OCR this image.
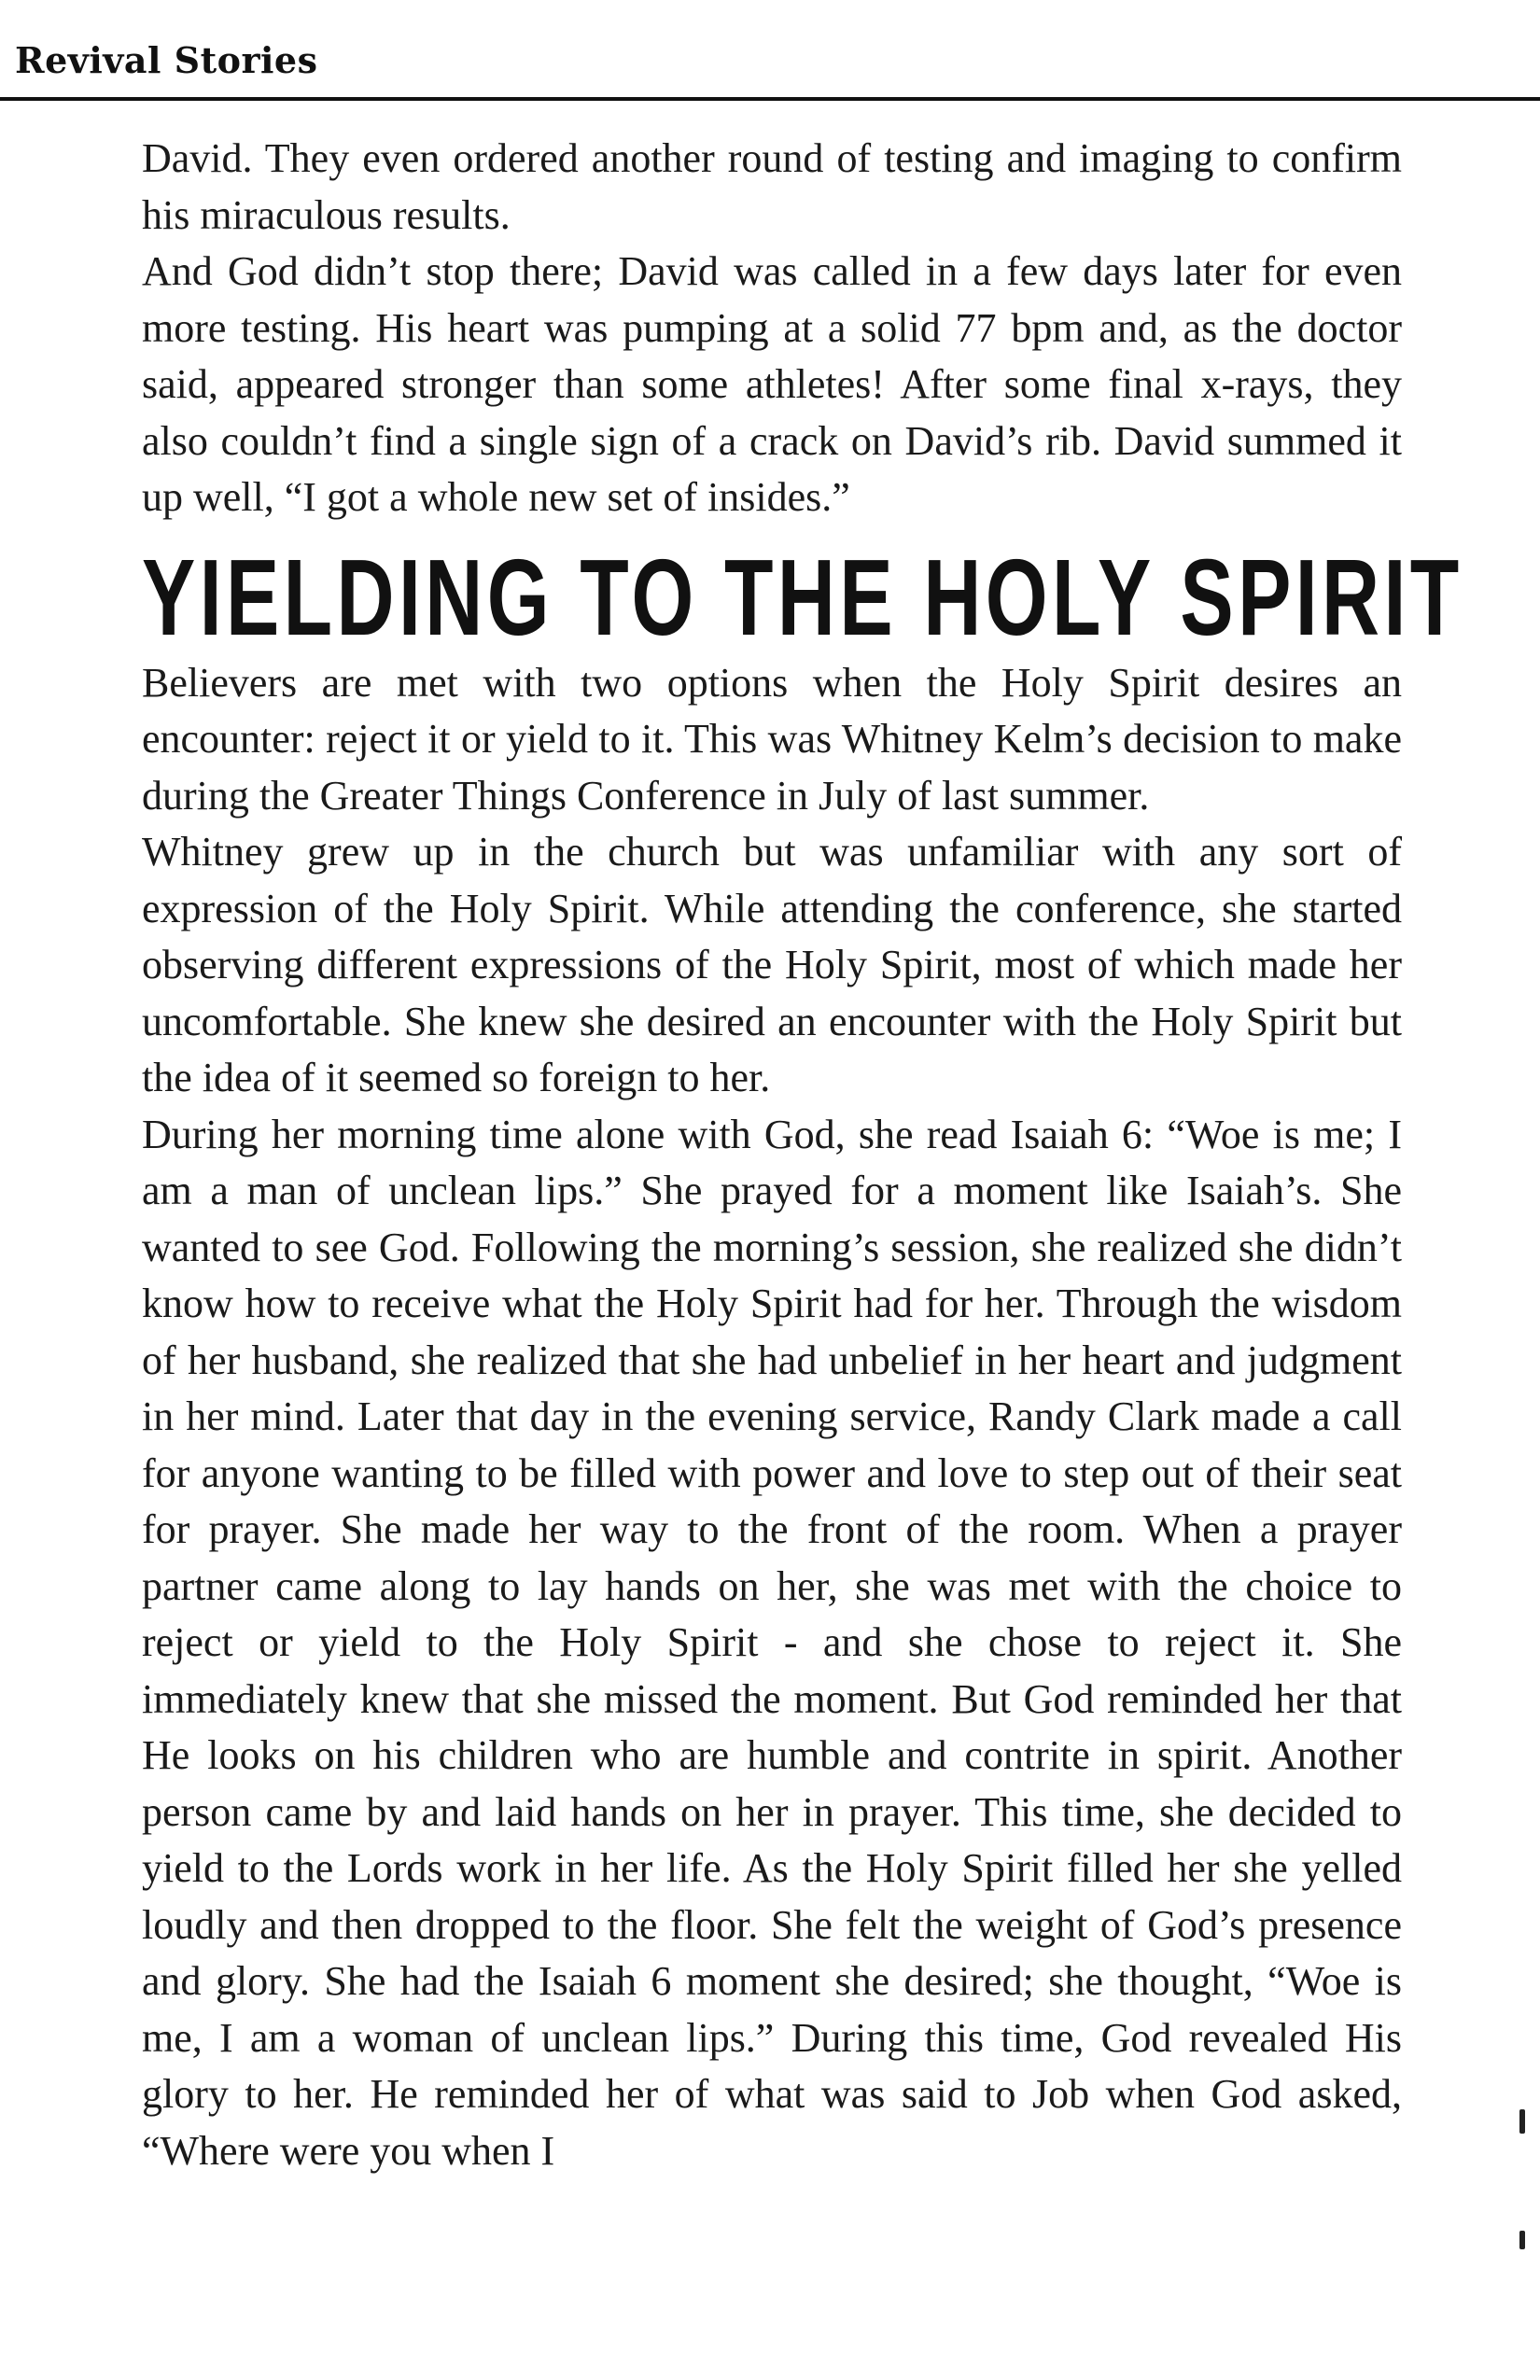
Revival Stories

David. They even ordered another round of testing and imaging to confirm his miraculous results.

And God didn’t stop there; David was called in a few days later for even more testing. His heart was pumping at a solid 77 bpm and, as the doctor said, appeared stronger than some athletes! After some final x-rays, they also couldn’t find a single sign of a crack on David’s rib. David summed it up well, “I got a whole new set of insides.”

YIELDING TO THE HOLY SPIRIT

Believers are met with two options when the Holy Spirit desires an encounter: reject it or yield to it. This was Whitney Kelm’s decision to make during the Greater Things Conference in July of last summer.

Whitney grew up in the church but was unfamiliar with any sort of expression of the Holy Spirit. While attending the conference, she started observing different expressions of the Holy Spirit, most of which made her uncomfortable. She knew she desired an encounter with the Holy Spirit but the idea of it seemed so foreign to her.

During her morning time alone with God, she read Isaiah 6: “Woe is me; I am a man of unclean lips.” She prayed for a moment like Isaiah’s. She wanted to see God. Following the morning’s session, she realized she didn’t know how to receive what the Holy Spirit had for her. Through the wisdom of her husband, she realized that she had unbelief in her heart and judgment in her mind. Later that day in the evening service, Randy Clark made a call for anyone wanting to be filled with power and love to step out of their seat for prayer. She made her way to the front of the room. When a prayer partner came along to lay hands on her, she was met with the choice to reject or yield to the Holy Spirit - and she chose to reject it. She immediately knew that she missed the moment. But God reminded her that He looks on his children who are humble and contrite in spirit. Another person came by and laid hands on her in prayer. This time, she decided to yield to the Lords work in her life. As the Holy Spirit filled her she yelled loudly and then dropped to the floor. She felt the weight of God’s presence and glory. She had the Isaiah 6 moment she desired; she thought, “Woe is me, I am a woman of unclean lips.” During this time, God revealed His glory to her. He reminded her of what was said to Job when God asked, “Where were you when I
